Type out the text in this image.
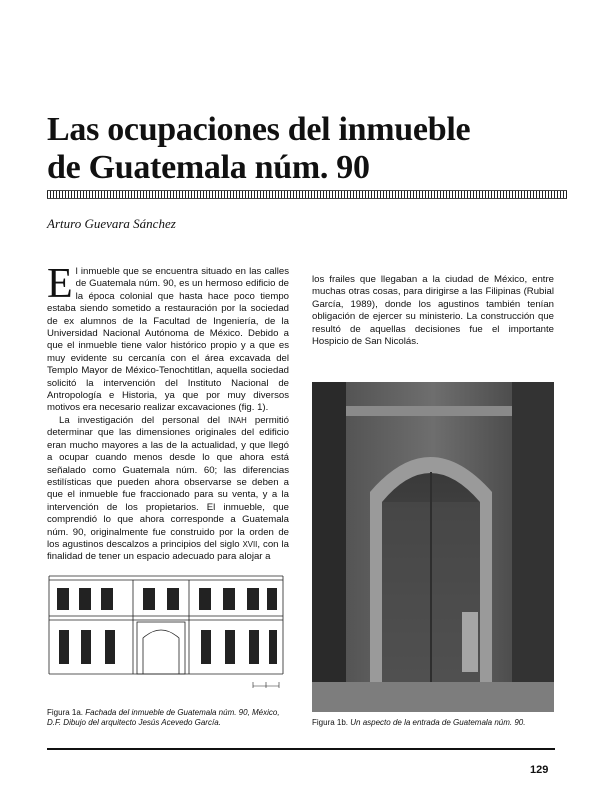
Las ocupaciones del inmueble
de Guatemala núm. 90
Arturo Guevara Sánchez

El inmueble que se encuentra situado en las calles de Guatemala núm. 90, es un hermoso edificio de la época colonial que hasta hace poco tiempo estaba siendo sometido a restauración por la sociedad de ex alumnos de la Facultad de Ingeniería, de la Universidad Nacional Autónoma de México. Debido a que el inmueble tiene valor histórico propio y a que es muy evidente su cercanía con el área excavada del Templo Mayor de México-Tenochtitlan, aquella sociedad solicitó la intervención del Instituto Nacional de Antropología e Historia, ya que por muy diversos motivos era necesario realizar excavaciones (fig. 1).

La investigación del personal del INAH permitió determinar que las dimensiones originales del edificio eran mucho mayores a las de la actualidad, y que llegó a ocupar cuando menos desde lo que ahora está señalado como Guatemala núm. 60; las diferencias estilísticas que pueden ahora observarse se deben a que el inmueble fue fraccionado para su venta, y a la intervención de los propietarios. El inmueble, que comprendió lo que ahora corresponde a Guatemala núm. 90, originalmente fue construido por la orden de los agustinos descalzos a principios del siglo XVII, con la finalidad de tener un espacio adecuado para alojar a

los frailes que llegaban a la ciudad de México, entre muchas otras cosas, para dirigirse a las Filipinas (Rubial García, 1989), donde los agustinos también tenían obligación de ejercer su ministerio. La construcción que resultó de aquellas decisiones fue el importante Hospicio de San Nicolás.

Figura 1a. Fachada del inmueble de Guatemala núm. 90, México, D.F. Dibujo del arquitecto Jesús Acevedo García.	Figura 1b. Un aspecto de la entrada de Guatemala núm. 90.

129
